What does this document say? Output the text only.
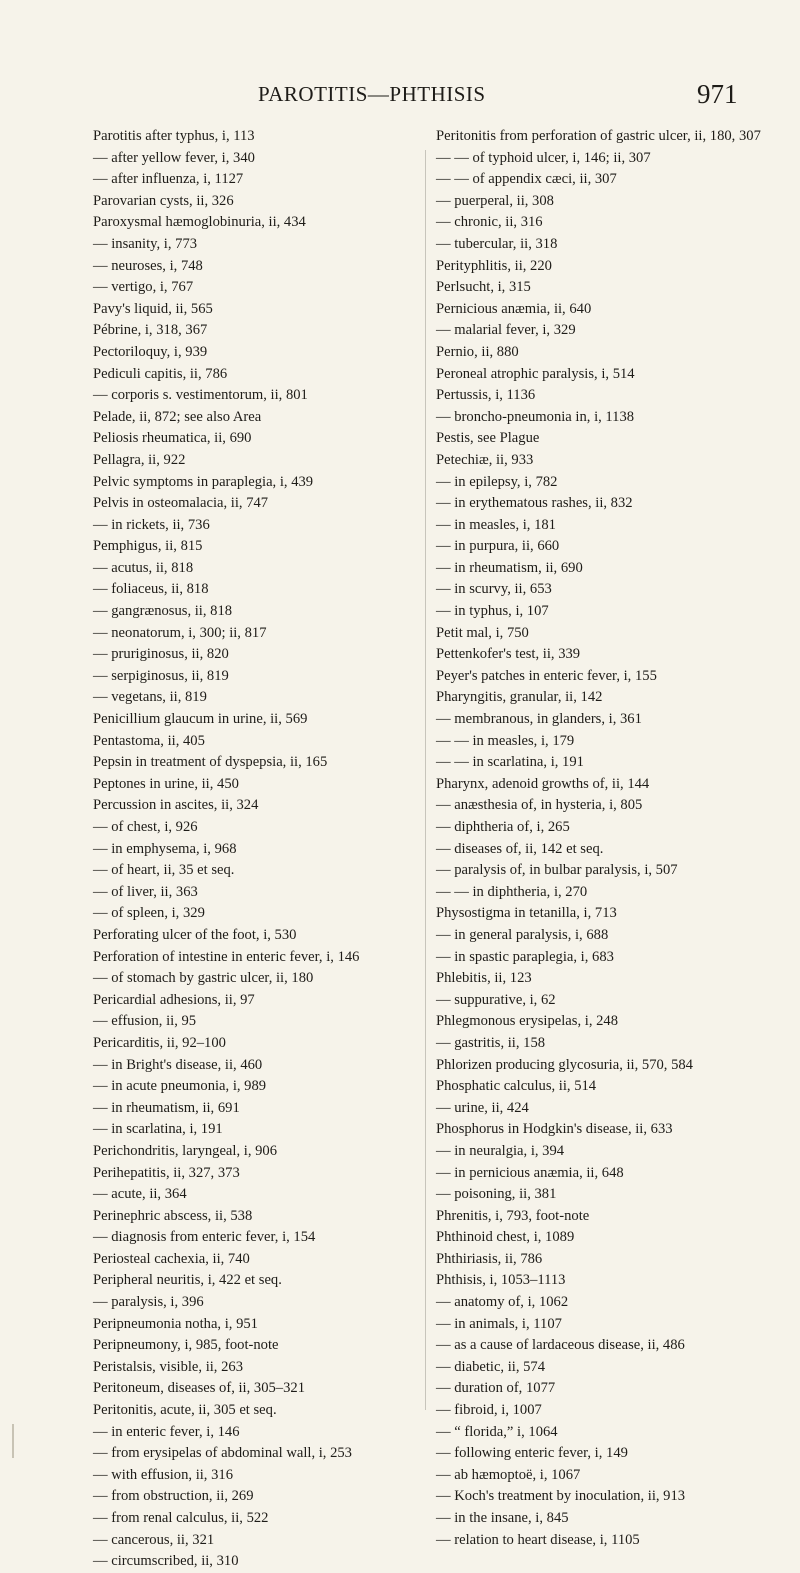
PAROTITIS—PHTHISIS	971
Parotitis after typhus, i, 113
— after yellow fever, i, 340
— after influenza, i, 1127
Parovarian cysts, ii, 326
Paroxysmal hæmoglobinuria, ii, 434
— insanity, i, 773
— neuroses, i, 748
— vertigo, i, 767
Pavy's liquid, ii, 565
Pébrine, i, 318, 367
Pectoriloquy, i, 939
Pediculi capitis, ii, 786
— corporis s. vestimentorum, ii, 801
Pelade, ii, 872; see also Area
Peliosis rheumatica, ii, 690
Pellagra, ii, 922
Pelvic symptoms in paraplegia, i, 439
Pelvis in osteomalacia, ii, 747
— in rickets, ii, 736
Pemphigus, ii, 815
— acutus, ii, 818
— foliaceus, ii, 818
— gangrænosus, ii, 818
— neonatorum, i, 300; ii, 817
— pruriginosus, ii, 820
— serpiginosus, ii, 819
— vegetans, ii, 819
Penicillium glaucum in urine, ii, 569
Pentastoma, ii, 405
Pepsin in treatment of dyspepsia, ii, 165
Peptones in urine, ii, 450
Percussion in ascites, ii, 324
— of chest, i, 926
— in emphysema, i, 968
— of heart, ii, 35 et seq.
— of liver, ii, 363
— of spleen, i, 329
Perforating ulcer of the foot, i, 530
Perforation of intestine in enteric fever, i, 146
— of stomach by gastric ulcer, ii, 180
Pericardial adhesions, ii, 97
— effusion, ii, 95
Pericarditis, ii, 92–100
— in Bright's disease, ii, 460
— in acute pneumonia, i, 989
— in rheumatism, ii, 691
— in scarlatina, i, 191
Perichondritis, laryngeal, i, 906
Perihepatitis, ii, 327, 373
— acute, ii, 364
Perinephric abscess, ii, 538
— diagnosis from enteric fever, i, 154
Periosteal cachexia, ii, 740
Peripheral neuritis, i, 422 et seq.
— paralysis, i, 396
Peripneumonia notha, i, 951
Peripneumony, i, 985, foot-note
Peristalsis, visible, ii, 263
Peritoneum, diseases of, ii, 305–321
Peritonitis, acute, ii, 305 et seq.
— in enteric fever, i, 146
— from erysipelas of abdominal wall, i, 253
— with effusion, ii, 316
— from obstruction, ii, 269
— from renal calculus, ii, 522
— cancerous, ii, 321
— circumscribed, ii, 310
Peritonitis from perforation of gastric ulcer, ii, 180, 307
— — of typhoid ulcer, i, 146; ii, 307
— — of appendix cæci, ii, 307
— puerperal, ii, 308
— chronic, ii, 316
— tubercular, ii, 318
Perityphlitis, ii, 220
Perlsucht, i, 315
Pernicious anæmia, ii, 640
— malarial fever, i, 329
Pernio, ii, 880
Peroneal atrophic paralysis, i, 514
Pertussis, i, 1136
— broncho-pneumonia in, i, 1138
Pestis, see Plague
Petechiæ, ii, 933
— in epilepsy, i, 782
— in erythematous rashes, ii, 832
— in measles, i, 181
— in purpura, ii, 660
— in rheumatism, ii, 690
— in scurvy, ii, 653
— in typhus, i, 107
Petit mal, i, 750
Pettenkofer's test, ii, 339
Peyer's patches in enteric fever, i, 155
Pharyngitis, granular, ii, 142
— membranous, in glanders, i, 361
— — in measles, i, 179
— — in scarlatina, i, 191
Pharynx, adenoid growths of, ii, 144
— anæsthesia of, in hysteria, i, 805
— diphtheria of, i, 265
— diseases of, ii, 142 et seq.
— paralysis of, in bulbar paralysis, i, 507
— — in diphtheria, i, 270
Physostigma in tetanilla, i, 713
— in general paralysis, i, 688
— in spastic paraplegia, i, 683
Phlebitis, ii, 123
— suppurative, i, 62
Phlegmonous erysipelas, i, 248
— gastritis, ii, 158
Phlorizen producing glycosuria, ii, 570, 584
Phosphatic calculus, ii, 514
— urine, ii, 424
Phosphorus in Hodgkin's disease, ii, 633
— in neuralgia, i, 394
— in pernicious anæmia, ii, 648
— poisoning, ii, 381
Phrenitis, i, 793, foot-note
Phthinoid chest, i, 1089
Phthiriasis, ii, 786
Phthisis, i, 1053–1113
— anatomy of, i, 1062
— in animals, i, 1107
— as a cause of lardaceous disease, ii, 486
— diabetic, ii, 574
— duration of, 1077
— fibroid, i, 1007
— “ florida,” i, 1064
— following enteric fever, i, 149
— ab hæmoptoë, i, 1067
— Koch's treatment by inoculation, ii, 913
— in the insane, i, 845
— relation to heart disease, i, 1105
